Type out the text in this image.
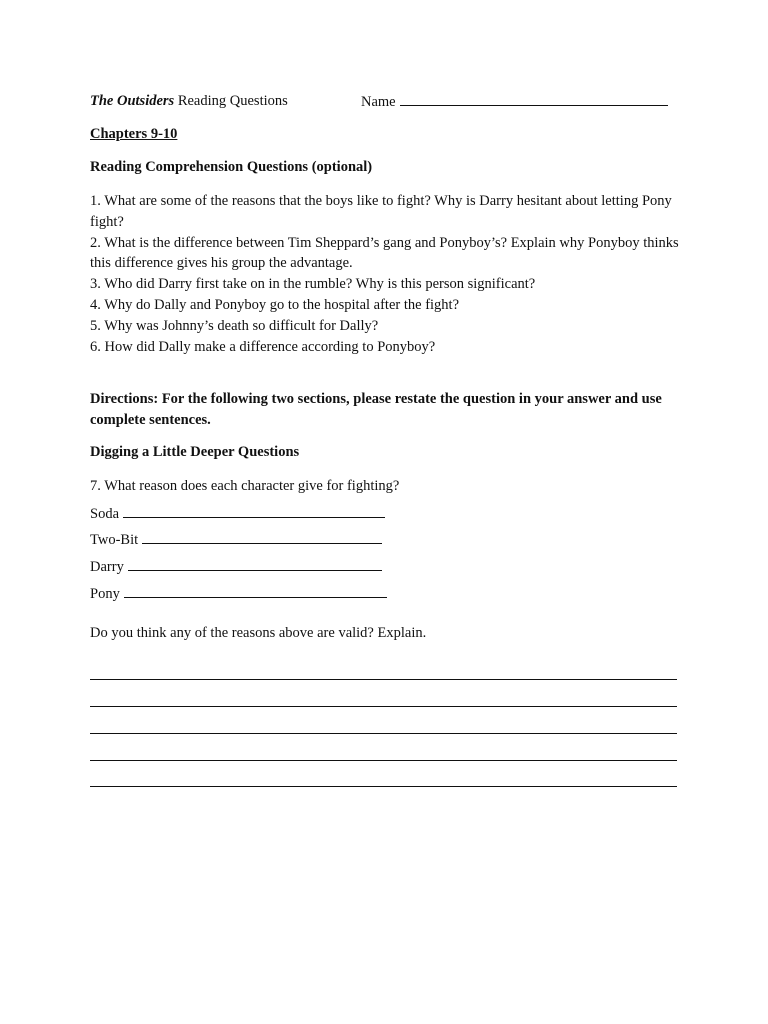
The Outsiders Reading Questions	Name
Chapters 9-10
Reading Comprehension Questions (optional)
1. What are some of the reasons that the boys like to fight? Why is Darry hesitant about letting Pony fight?
2. What is the difference between Tim Sheppard’s gang and Ponyboy’s? Explain why Ponyboy thinks this difference gives his group the advantage.
3. Who did Darry first take on in the rumble? Why is this person significant?
4. Why do Dally and Ponyboy go to the hospital after the fight?
5. Why was Johnny’s death so difficult for Dally?
6. How did Dally make a difference according to Ponyboy?
Directions: For the following two sections, please restate the question in your answer and use complete sentences.
Digging a Little Deeper Questions
7. What reason does each character give for fighting?
Soda
Two-Bit
Darry
Pony
Do you think any of the reasons above are valid? Explain.
